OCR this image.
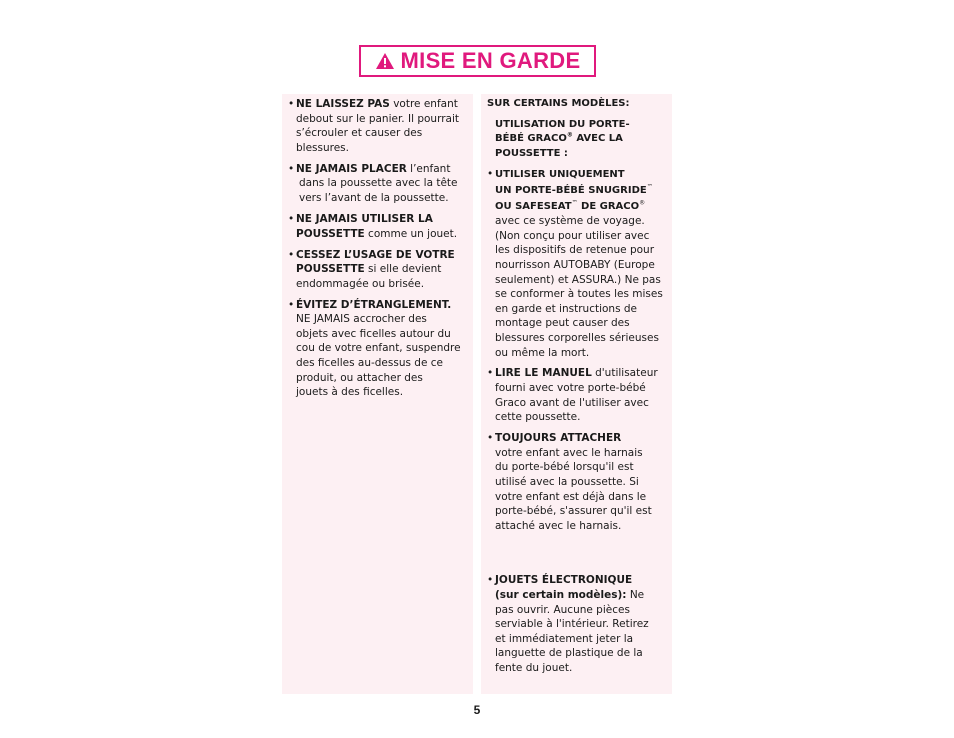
MISE EN GARDE
• NE LAISSEZ PAS votre enfant
debout sur le panier. Il pourrait
s’écrouler et causer des
blessures.
• NE JAMAIS PLACER l’enfant
dans la poussette avec la tête
vers l’avant de la poussette.
• NE JAMAIS UTILISER LA
POUSSETTE comme un jouet.
• CESSEZ L’USAGE DE VOTRE
POUSSETTE si elle devient
endommagée ou brisée.
• ÉVITEZ D’ÉTRANGLEMENT.
NE JAMAIS accrocher des
objets avec ficelles autour du
cou de votre enfant, suspendre
des ficelles au-dessus de ce
produit, ou attacher des
jouets à des ficelles.
SUR CERTAINS MODÈLES:
UTILISATION DU PORTE-
BÉBÉ GRACO® AVEC LA
POUSSETTE :
• UTILISER UNIQUEMENT
UN PORTE-BÉBÉ SNUGRIDE™
OU SAFESEAT™ DE GRACO®
avec ce système de voyage.
(Non conçu pour utiliser avec
les dispositifs de retenue pour
nourrisson AUTOBABY (Europe
seulement) et ASSURA.) Ne pas
se conformer à toutes les mises
en garde et instructions de
montage peut causer des
blessures corporelles sérieuses
ou même la mort.
• LIRE LE MANUEL d'utilisateur
fourni avec votre porte-bébé
Graco avant de l'utiliser avec
cette poussette.
• TOUJOURS ATTACHER
votre enfant avec le harnais
du porte-bébé lorsqu'il est
utilisé avec la poussette. Si
votre enfant est déjà dans le
porte-bébé, s'assurer qu'il est
attaché avec le harnais.
• JOUETS ÉLECTRONIQUE
(sur certain modèles): Ne
pas ouvrir. Aucune pièces
serviable à l'intérieur. Retirez
et immédiatement jeter la
languette de plastique de la
fente du jouet.
5
